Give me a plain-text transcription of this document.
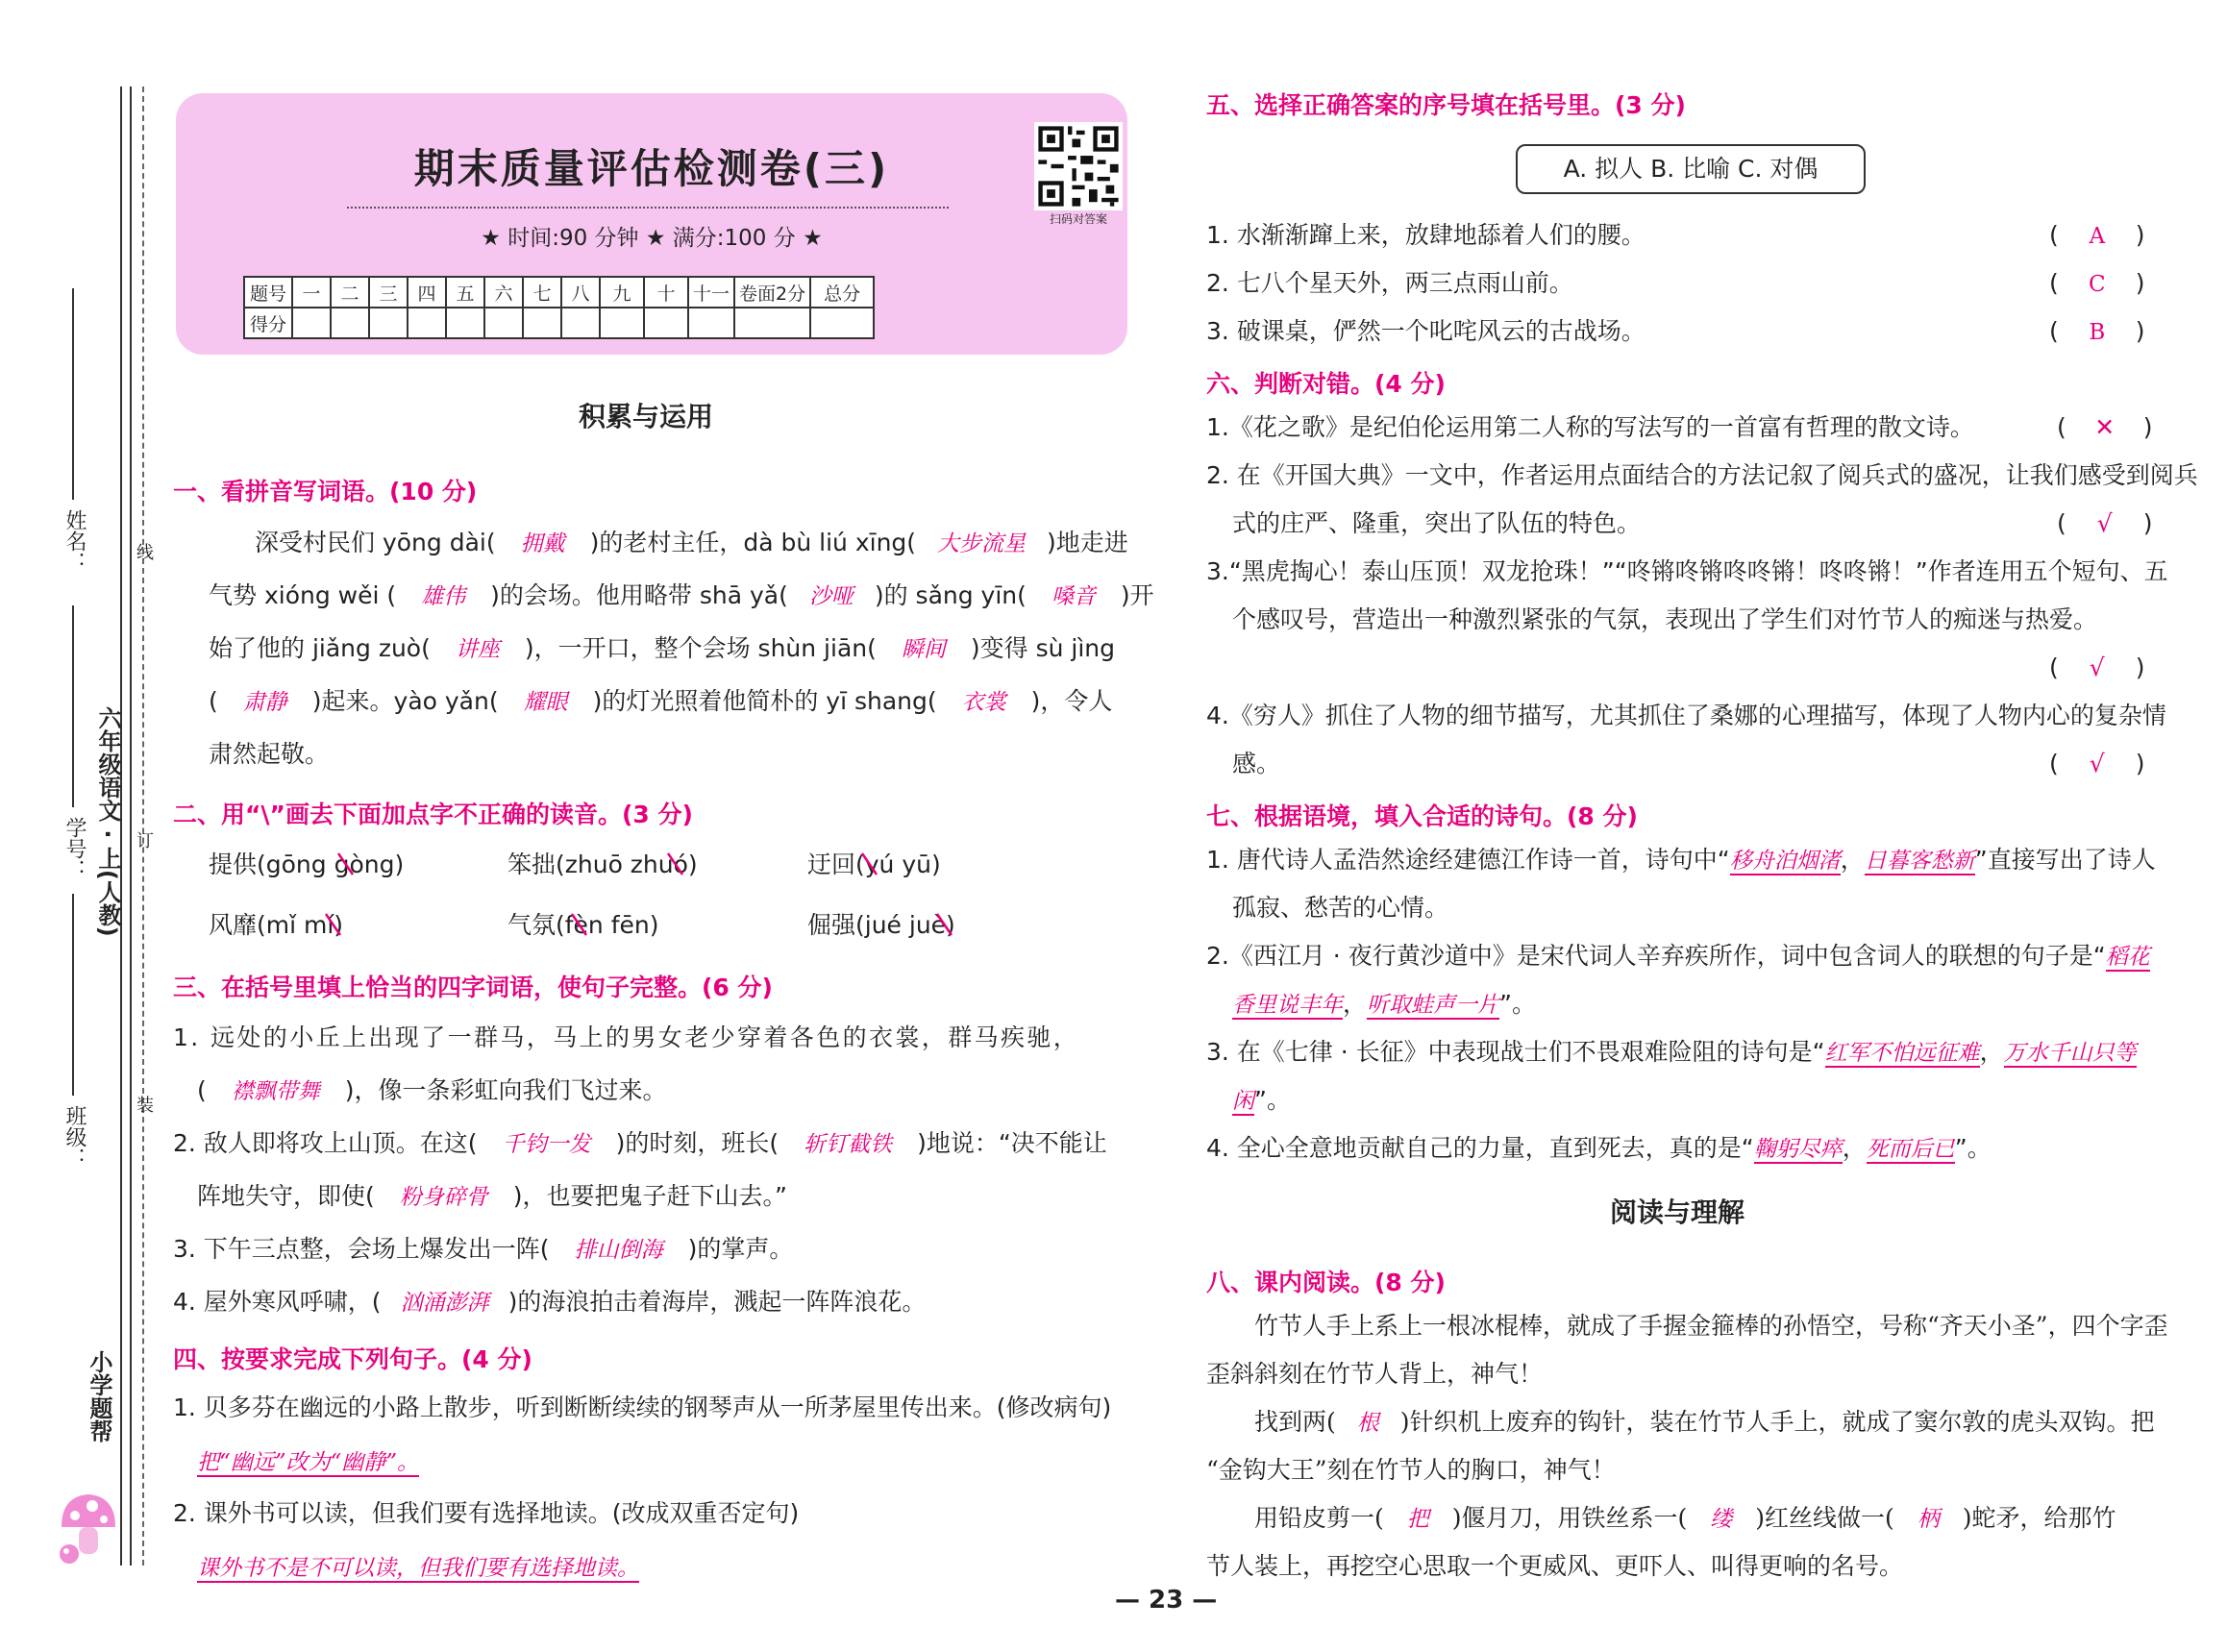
姓名：	线
学号： 六年级语文 · 上(人教) 订
班级：
装
小学题帮
期末质量评估检测卷(三)
★ 时间:90 分钟 ★ 满分:100 分 ★
扫码对答案
题号	一	二	三	四	五	六	七	八	九	十	十一	卷面2分	总分
得分													
积累与运用
一、看拼音写词语。(10 分)
深受村民们 yōng dài( 拥戴 )的老村主任，dà bù liú xīng( 大步流星 )地走进
气势 xióng wěi ( 雄伟 )的会场。他用略带 shā yǎ( 沙哑 )的 sǎng yīn( 嗓音 )开
始了他的 jiǎng zuò( 讲座 )，一开口，整个会场 shùn jiān( 瞬间 )变得 sù jìng
( 肃静 )起来。yào yǎn( 耀眼 )的灯光照着他简朴的 yī shang( 衣裳 )，令人
肃然起敬。
二、用“\”画去下面加点字不正确的读音。(3 分)
提供(gōng gòng)	笨拙(zhuō zhuó)	迂回(yú yū)
风靡(mǐ mí)	气氛(fèn fēn)	倔强(jué juè)
三、在括号里填上恰当的四字词语，使句子完整。(6 分)
1. 远处的小丘上出现了一群马，马上的男女老少穿着各色的衣裳，群马疾驰，
( 襟飘带舞 )，像一条彩虹向我们飞过来。
2. 敌人即将攻上山顶。在这( 千钧一发 )的时刻，班长( 斩钉截铁 )地说：“决不能让
阵地失守，即使( 粉身碎骨 )，也要把鬼子赶下山去。”
3. 下午三点整，会场上爆发出一阵( 排山倒海 )的掌声。
4. 屋外寒风呼啸，( 汹涌澎湃 )的海浪拍击着海岸，溅起一阵阵浪花。
四、按要求完成下列句子。(4 分)
1. 贝多芬在幽远的小路上散步，听到断断续续的钢琴声从一所茅屋里传出来。(修改病句)
把“幽远”改为“幽静”。
2. 课外书可以读，但我们要有选择地读。(改成双重否定句)
课外书不是不可以读，但我们要有选择地读。
五、选择正确答案的序号填在括号里。(3 分)
A. 拟人 B. 比喻 C. 对偶
1. 水渐渐蹿上来，放肆地舔着人们的腰。	( A )
2. 七八个星天外，两三点雨山前。	( C )
3. 破课桌，俨然一个叱咤风云的古战场。	( B )
六、判断对错。(4 分)
1.《花之歌》是纪伯伦运用第二人称的写法写的一首富有哲理的散文诗。	( ✕ )
2. 在《开国大典》一文中，作者运用点面结合的方法记叙了阅兵式的盛况，让我们感受到阅兵
式的庄严、隆重，突出了队伍的特色。	( √ )
3.“黑虎掏心！泰山压顶！双龙抢珠！”“咚锵咚锵咚咚锵！咚咚锵！”作者连用五个短句、五
个感叹号，营造出一种激烈紧张的气氛，表现出了学生们对竹节人的痴迷与热爱。
( √ )
4.《穷人》抓住了人物的细节描写，尤其抓住了桑娜的心理描写，体现了人物内心的复杂情
感。	( √ )
七、根据语境，填入合适的诗句。(8 分)
1. 唐代诗人孟浩然途经建德江作诗一首，诗句中“移舟泊烟渚，日暮客愁新”直接写出了诗人
孤寂、愁苦的心情。
2.《西江月 · 夜行黄沙道中》是宋代词人辛弃疾所作，词中包含词人的联想的句子是“稻花
香里说丰年，听取蛙声一片”。
3. 在《七律 · 长征》中表现战士们不畏艰难险阻的诗句是“红军不怕远征难，万水千山只等
闲”。
4. 全心全意地贡献自己的力量，直到死去，真的是“鞠躬尽瘁，死而后已”。
阅读与理解
八、课内阅读。(8 分)
竹节人手上系上一根冰棍棒，就成了手握金箍棒的孙悟空，号称“齐天小圣”，四个字歪
歪斜斜刻在竹节人背上，神气！
找到两( 根 )针织机上废弃的钩针，装在竹节人手上，就成了窦尔敦的虎头双钩。把
“金钩大王”刻在竹节人的胸口，神气！
用铅皮剪一( 把 )偃月刀，用铁丝系一( 缕 )红丝线做一( 柄 )蛇矛，给那竹
节人装上，再挖空心思取一个更威风、更吓人、叫得更响的名号。
— 23 —
